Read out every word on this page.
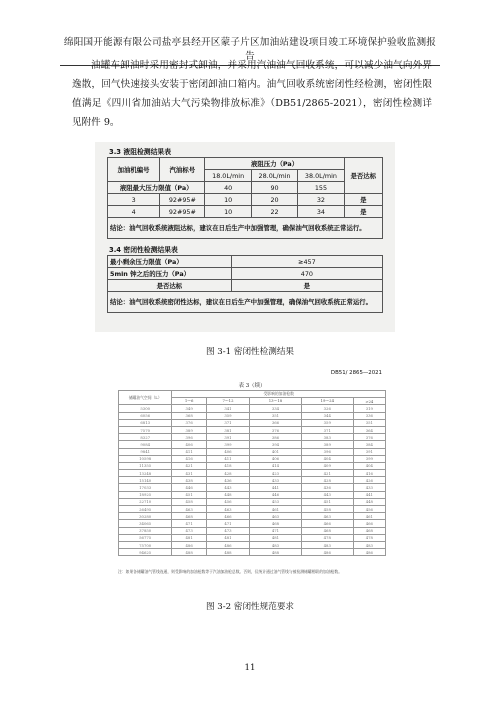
绵阳国开能源有限公司盐亭县经开区蒙子片区加油站建设项目竣工环境保护验收监测报告
油罐车卸油时采用密封式卸油，并采用汽油油气回收系统，可以减少油气向外界逸散，回气快速接头安装于密闭卸油口箱内。油气回收系统密闭性经检测，密闭性限值满足《四川省加油站大气污染物排放标准》（DB51/2865-2021），密闭性检测详见附件 9。
3.3 液阻检测结果表
加油机编号	汽油标号	液阻压力（Pa）			是否达标
		18.0L/min	28.0L/min	38.0L/min	
液阻最大压力限值（Pa）		40	90	155	
3	92#95#	10	20	32	是
4	92#95#	10	22	34	是
结论：油气回收系统液阻达标，建议在日后生产中加强管理，确保油气回收系统正常运行。					
3.4 密闭性检测结果表
最小剩余压力限值（Pa）	≥457
5min 钟之后的压力（Pa）	470
是否达标	是
结论：油气回收系统密闭性达标，建议在日后生产中加强管理，确保油气回收系统正常运行。	
图 3-1 密闭性检测结果
DB51/ 2865—2021
表 3（续）
储罐油气空间（L）	受影响的加油枪数				
	1～6	7～12	13～18	19～24	>24
5300	349	341	334	326	319
6056	368	359	351	344	336
6813	376	371	366	359	351
7570	389	381	376	371	364
8327	396	391	386	383	376
9084	406	399	394	389	384
9841	411	406	401	396	391
10598	416	411	406	404	399
11355	421	418	414	409	404
13248	431	428	423	421	416
15140	438	436	433	428	426
17033	446	443	441	436	433
18925	451	448	446	443	441
22710	458	456	453	451	448
26495	463	463	461	458	456
30280	468	466	463	463	461
34065	471	471	468	466	466
37850	473	473	471	468	468
56775	481	481	481	478	478
75700	486	486	483	483	483
94625	488	488	488	486	486
注：如果各储罐油气管线连通，则受影响的加油枪数等于汽油加油枪总数。否则，仅统计通过油气管线与被检测储罐相联的加油枪数。
图 3-2 密闭性规范要求
11
